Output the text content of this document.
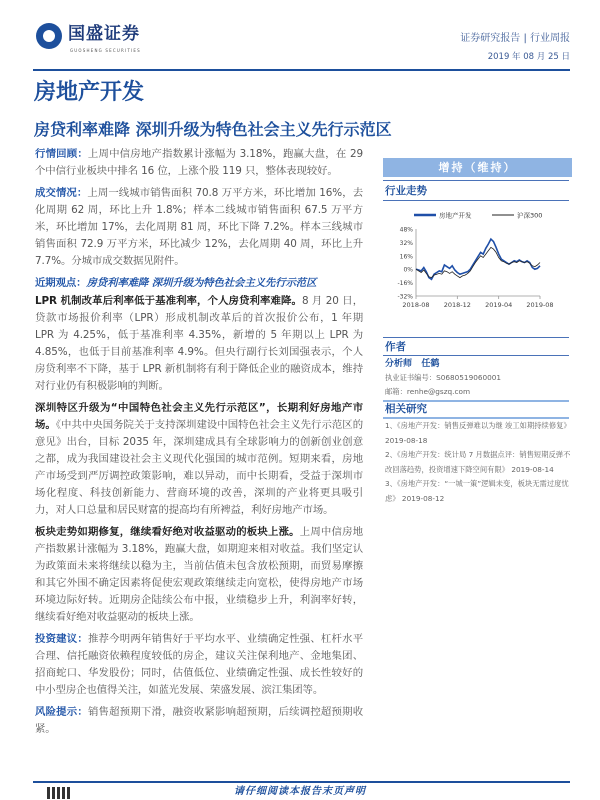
国盛证券
GUOSHENG SECURITIES
证券研究报告 | 行业周报
2019 年 08 月 25 日
房地产开发
房贷利率难降 深圳升级为特色社会主义先行示范区

行情回顾：上周中信房地产指数累计涨幅为 3.18%，跑赢大盘，在 29 个中信行业板块中排名 16 位，上涨个股 119 只，整体表现较好。

成交情况：上周一线城市销售面积 70.8 万平方米，环比增加 16%，去化周期 62 周，环比上升 1.8%；样本二线城市销售面积 67.5 万平方米，环比增加 17%，去化周期 81 周，环比下降 7.2%。样本三线城市销售面积 72.9 万平方米，环比减少 12%，去化周期 40 周，环比上升 7.7%。分城市成交数据见附件。

近期观点：房贷利率难降 深圳升级为特色社会主义先行示范区

LPR 机制改革后利率低于基准利率，个人房贷利率难降。8 月 20 日，贷款市场报价利率（LPR）形成机制改革后的首次报价公布，1 年期 LPR 为 4.25%，低于基准利率 4.35%，新增的 5 年期以上 LPR 为 4.85%，也低于目前基准利率 4.9%。但央行副行长刘国强表示，个人房贷利率不下降，基于 LPR 新机制将有利于降低企业的融资成本，维持对行业仍有积极影响的判断。

深圳特区升级为“中国特色社会主义先行示范区”，长期利好房地产市场。《中共中央国务院关于支持深圳建设中国特色社会主义先行示范区的意见》出台，目标 2035 年，深圳建成具有全球影响力的创新创业创意之都，成为我国建设社会主义现代化强国的城市范例。短期来看，房地产市场受到严厉调控政策影响，难以异动，而中长期看，受益于深圳市场化程度、科技创新能力、营商环境的改善，深圳的产业将更具吸引力，对人口总量和居民财富的提高均有所裨益，利好房地产市场。

板块走势如期修复，继续看好绝对收益驱动的板块上涨。上周中信房地产指数累计涨幅为 3.18%，跑赢大盘，如期迎来相对收益。我们坚定认为政策面未来将继续以稳为主，当前估值未包含放松预期，而贸易摩擦和其它外围不确定因素将促使宏观政策继续走向宽松，使得房地产市场环境边际好转。近期房企陆续公布中报，业绩稳步上升，利润率好转，继续看好绝对收益驱动的板块上涨。

投资建议：推荐今明两年销售好于平均水平、业绩确定性强、杠杆水平合理、信托融资依赖程度较低的房企，建议关注保利地产、金地集团、招商蛇口、华发股份；同时，估值低位、业绩确定性强、成长性较好的中小型房企也值得关注，如蓝光发展、荣盛发展、滨江集团等。

风险提示：销售超预期下滑，融资收紧影响超预期，后续调控超预期收紧。

增持（维持）
行业走势
房地产开发	沪深300
48%
32%
16%
0%
-16%
-32%
2018-08 2018-12 2019-04 2019-08
作者
分析师 任鹤
执业证书编号：S0680519060001
邮箱：renhe@gszq.com
相关研究

1、《房地产开发：销售反弹难以为继 竣工如期持续修复》 2019-08-18

2、《房地产开发：统计局 7 月数据点评：销售短期反弹不改回落趋势，投资增速下降空间有限》 2019-08-14

3、《房地产开发：“一城一策”逻辑未变，板块无需过度忧虑》 2019-08-12

请仔细阅读本报告末页声明
